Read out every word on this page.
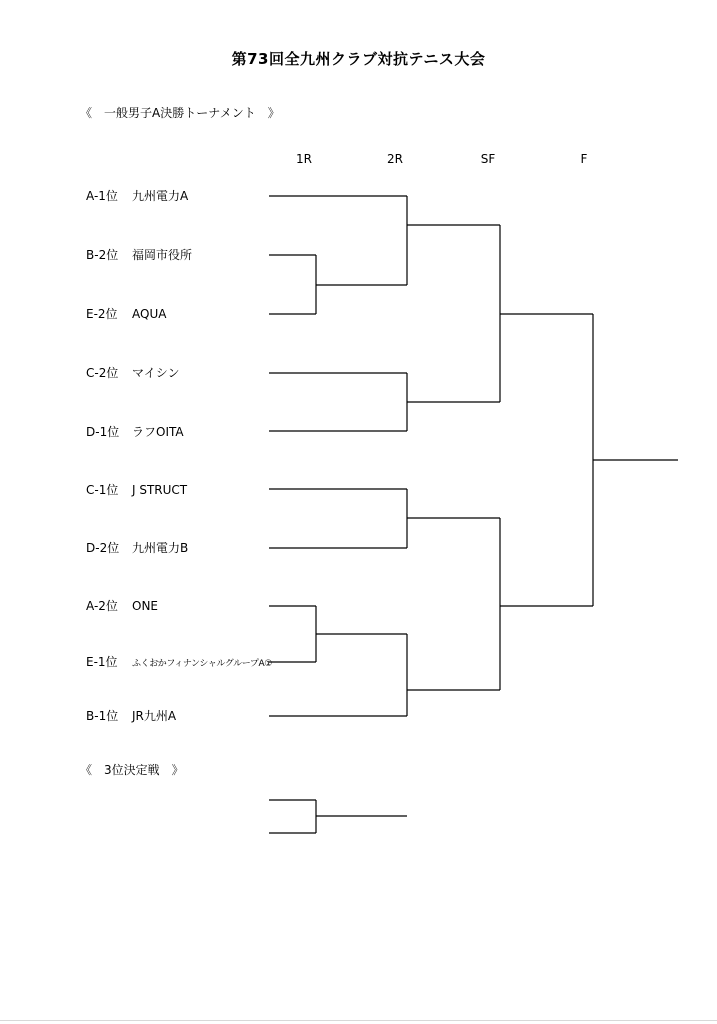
第73回全九州クラブ対抗テニス大会
《　一般男子A決勝トーナメント　》
1R	2R	SF	F
A-1位 九州電力A
B-2位 福岡市役所
E-2位 AQUA
C-2位 マイシン
D-1位 ラフOITA
C-1位 J STRUCT
D-2位 九州電力B
A-2位 ONE
E-1位 ふくおかフィナンシャルグループA①
B-1位 JR九州A
《　3位決定戦　》
